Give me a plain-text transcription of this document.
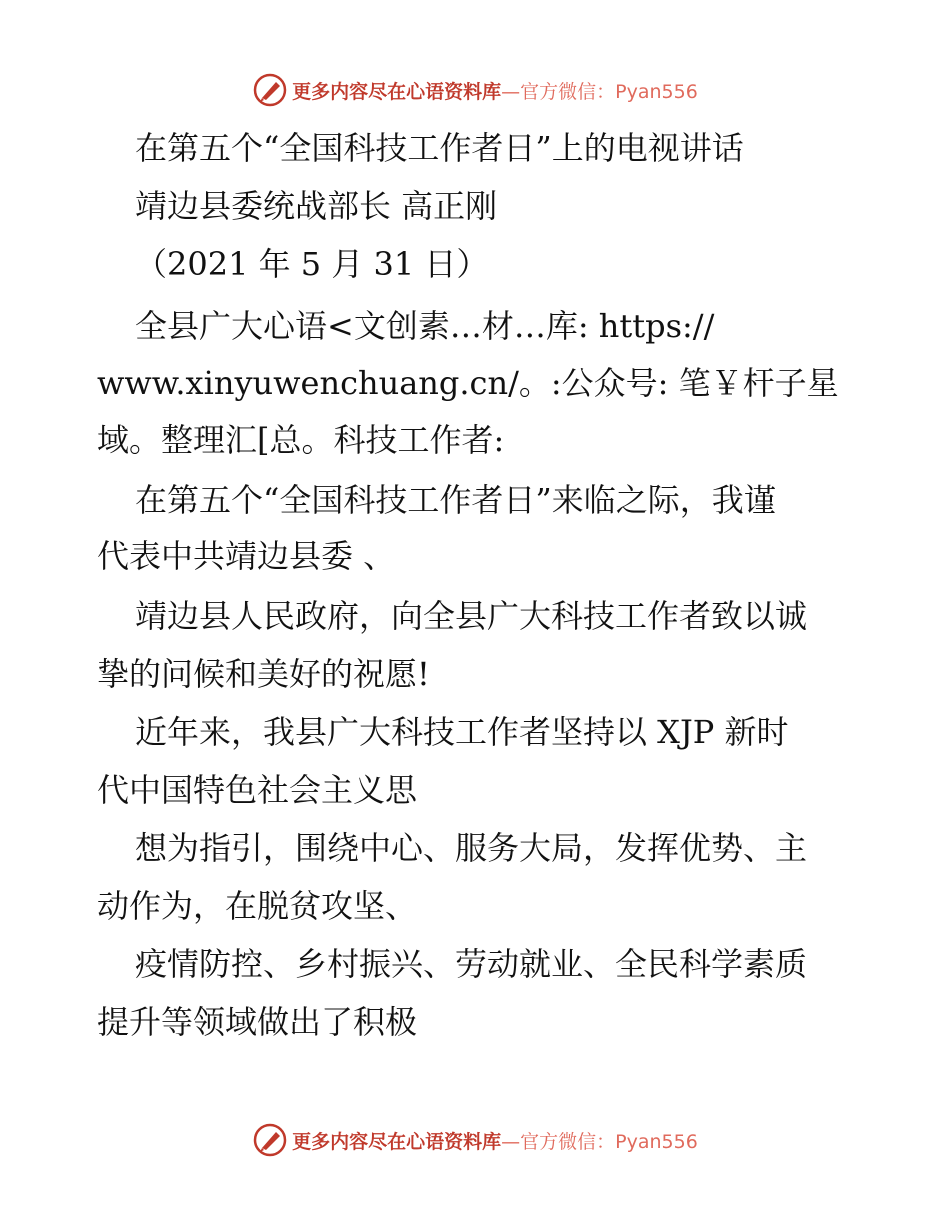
更多内容尽在心语资料库 —官方微信：Pyan556
在第五个“全国科技工作者日”上的电视讲话
靖边县委统战部长 高正刚
（2021 年 5 月 31 日）
全县广大心语<文创素…材…库: https://
www.xinyuwenchuang.cn/。:公众号: 笔￥杆子星
域。整理汇[总。科技工作者:
在第五个“全国科技工作者日”来临之际，我谨
代表中共靖边县委 、
靖边县人民政府，向全县广大科技工作者致以诚
挚的问候和美好的祝愿!
近年来，我县广大科技工作者坚持以 XJP 新时
代中国特色社会主义思
想为指引，围绕中心、服务大局，发挥优势、主
动作为，在脱贫攻坚、
疫情防控、乡村振兴、劳动就业、全民科学素质
提升等领域做出了积极
更多内容尽在心语资料库 —官方微信：Pyan556
